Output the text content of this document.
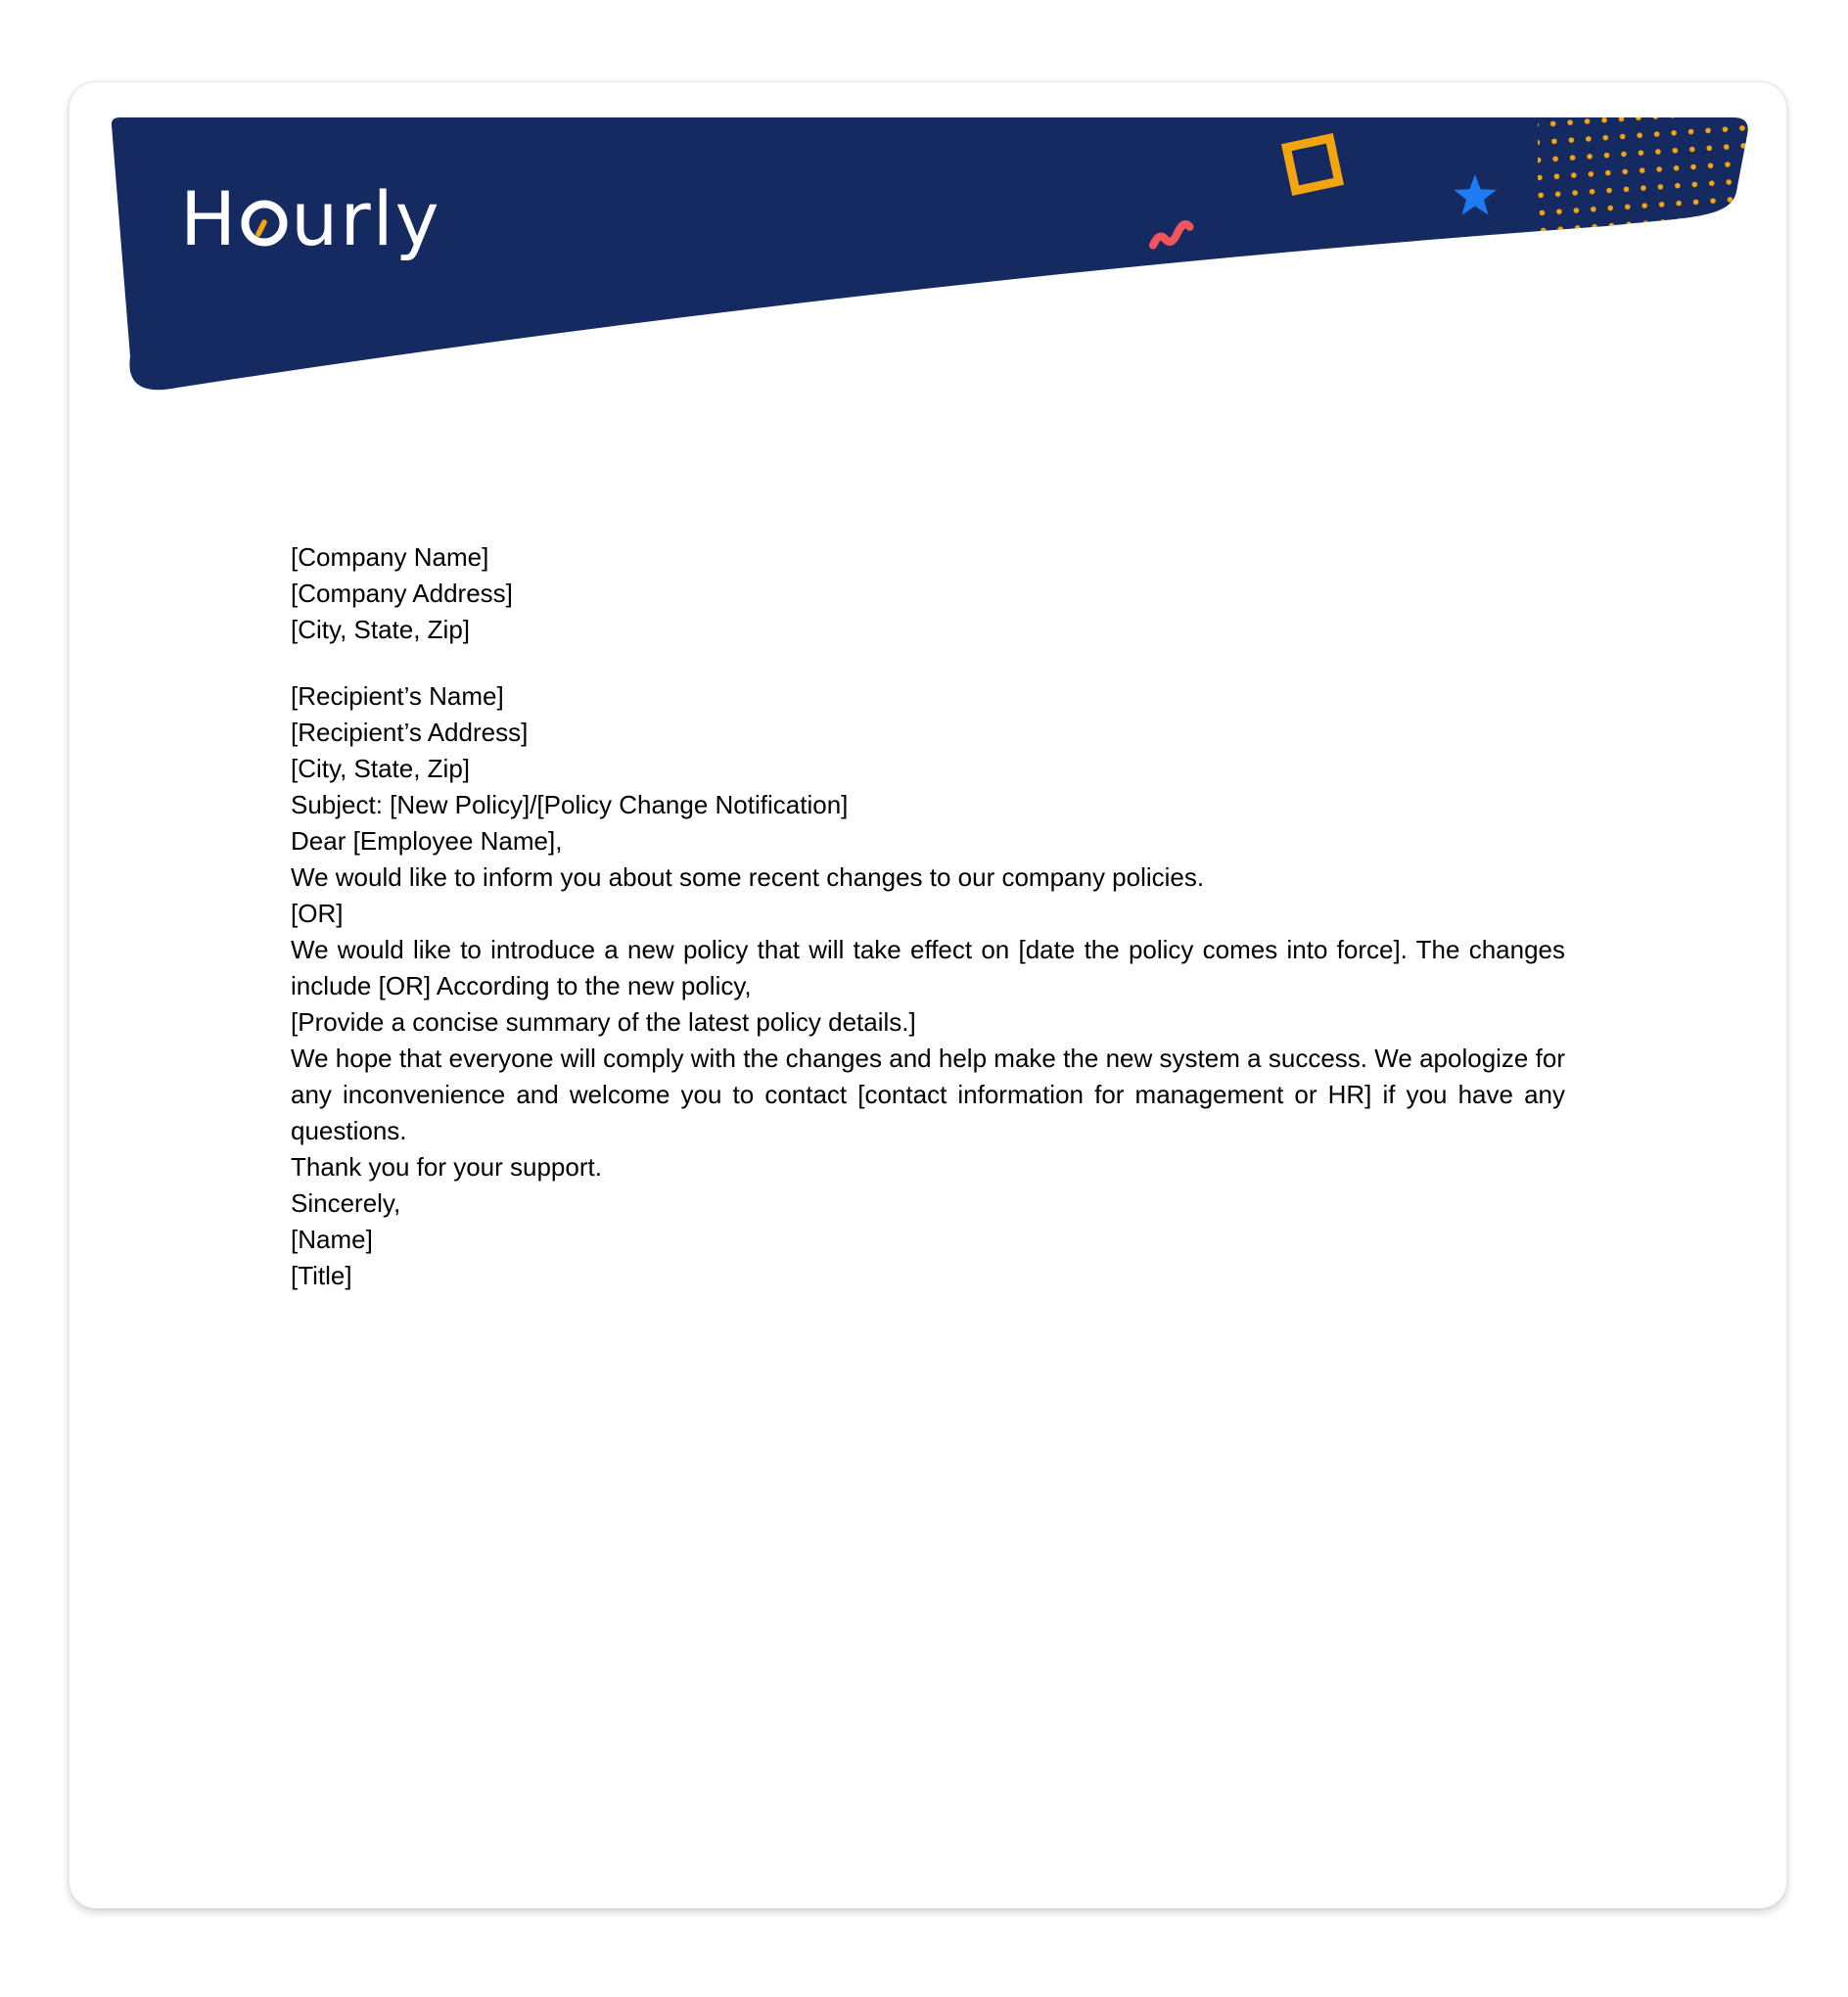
H urly

[Company Name]

[Company Address]

[City, State, Zip]

[Recipient’s Name]

[Recipient’s Address]

[City, State, Zip]

Subject: [New Policy]/[Policy Change Notification]

Dear [Employee Name],

We would like to inform you about some recent changes to our company policies.

[OR]

We would like to introduce a new policy that will take effect on [date the policy comes into force]. The changes include [OR] According to the new policy,

[Provide a concise summary of the latest policy details.]

We hope that everyone will comply with the changes and help make the new system a success. We apologize for any inconvenience and welcome you to contact [contact information for management or HR] if you have any questions.

Thank you for your support.

Sincerely,

[Name]

[Title]
